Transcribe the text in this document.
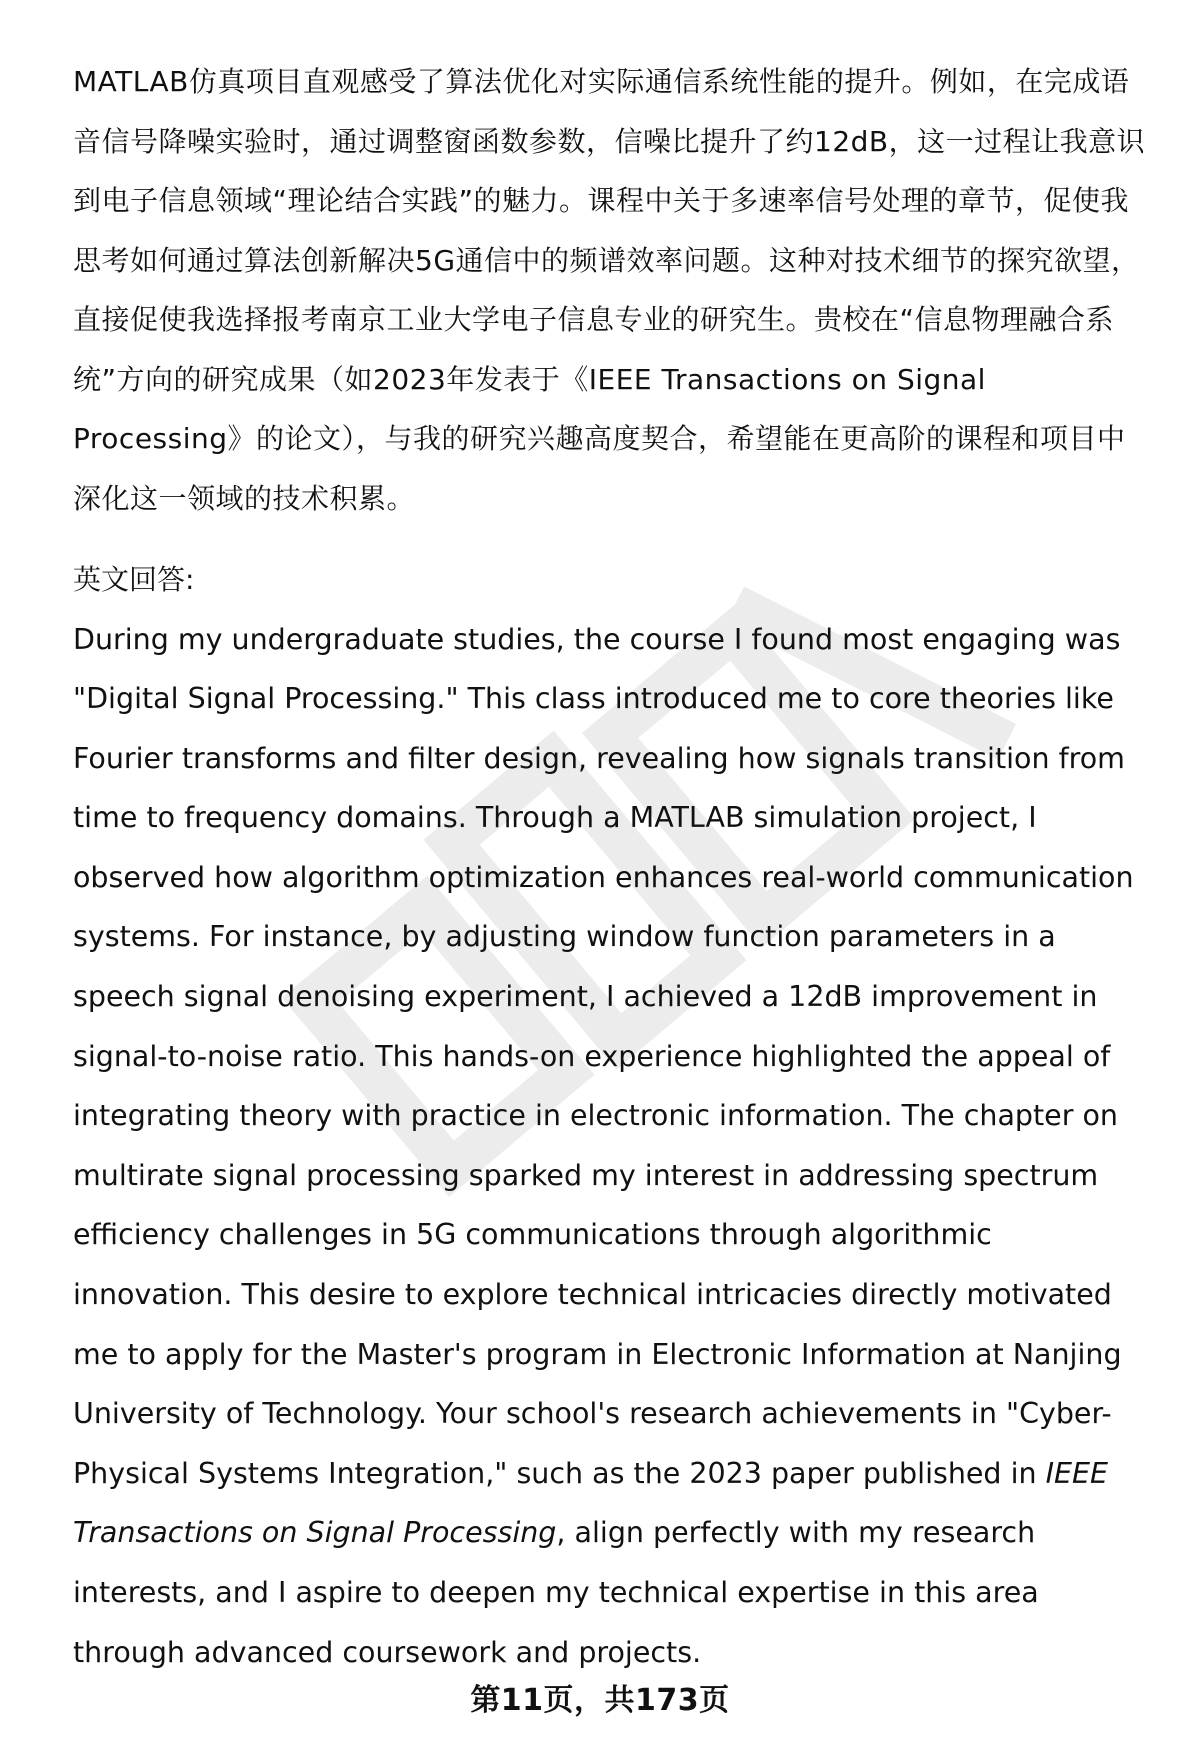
MATLAB仿真项目直观感受了算法优化对实际通信系统性能的提升。例如，在完成语音信号降噪实验时，通过调整窗函数参数，信噪比提升了约12dB，这一过程让我意识到电子信息领域“理论结合实践”的魅力。课程中关于多速率信号处理的章节，促使我思考如何通过算法创新解决5G通信中的频谱效率问题。这种对技术细节的探究欲望，直接促使我选择报考南京工业大学电子信息专业的研究生。贵校在“信息物理融合系统”方向的研究成果（如2023年发表于《IEEE Transactions on Signal Processing》的论文），与我的研究兴趣高度契合，希望能在更高阶的课程和项目中深化这一领域的技术积累。

英文回答:

During my undergraduate studies, the course I found most engaging was "Digital Signal Processing." This class introduced me to core theories like Fourier transforms and filter design, revealing how signals transition from time to frequency domains. Through a MATLAB simulation project, I observed how algorithm optimization enhances real-world communication systems. For instance, by adjusting window function parameters in a speech signal denoising experiment, I achieved a 12dB improvement in signal-to-noise ratio. This hands-on experience highlighted the appeal of integrating theory with practice in electronic information. The chapter on multirate signal processing sparked my interest in addressing spectrum efficiency challenges in 5G communications through algorithmic innovation. This desire to explore technical intricacies directly motivated me to apply for the Master's program in Electronic Information at Nanjing University of Technology. Your school's research achievements in "Cyber-Physical Systems Integration," such as the 2023 paper published in IEEE Transactions on Signal Processing, align perfectly with my research interests, and I aspire to deepen my technical expertise in this area through advanced coursework and projects.

第11页，共173页
